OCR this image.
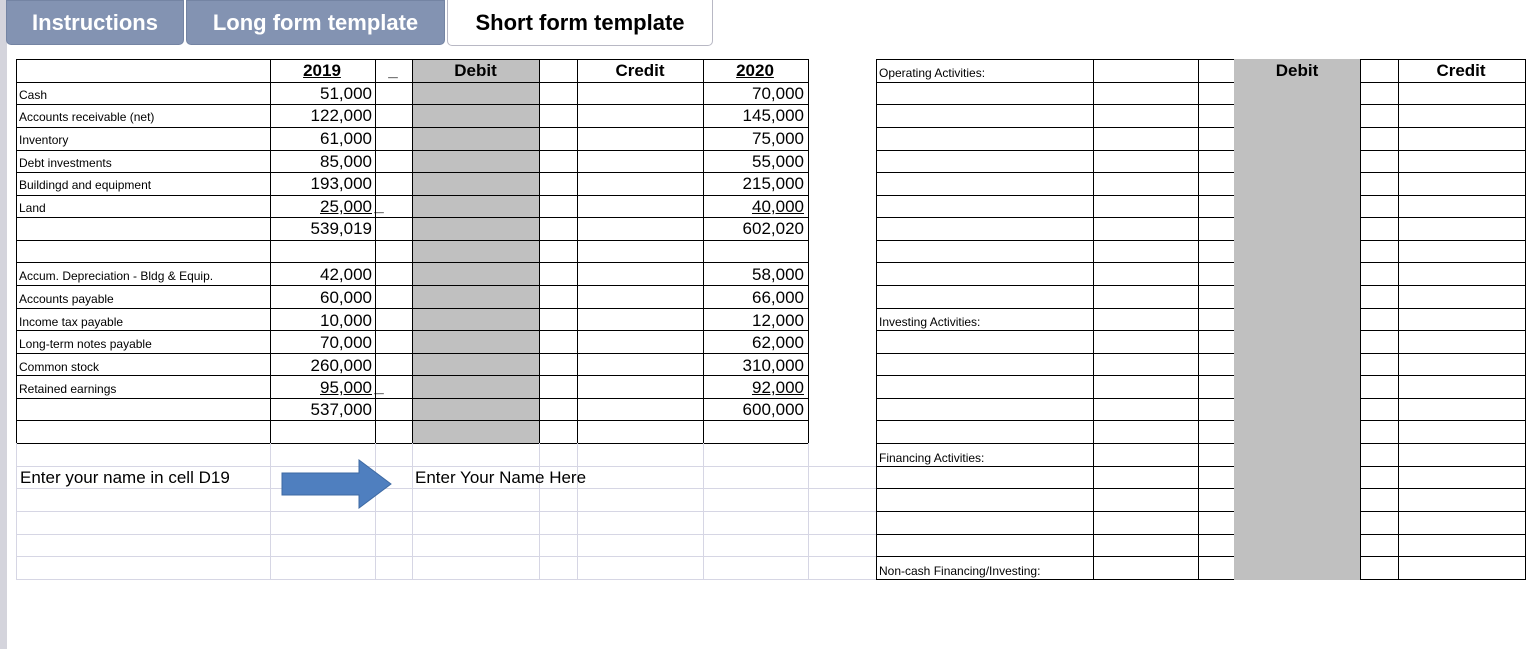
Instructions	Long form template	Short form template
2019	_	Debit	Credit	2020
Cash	51,000	70,000
Accounts receivable (net)	122,000	145,000
Inventory	61,000	75,000
Debt investments	85,000	55,000
Buildingd and equipment	193,000	215,000
Land	25,000	40,000
Accum. Depreciation - Bldg & Equip.	42,000	58,000
Accounts payable	60,000	66,000
Income tax payable	10,000	12,000
Long-term notes payable	70,000	62,000
Common stock	260,000	310,000
Retained earnings	95,000	92,000
539,019	602,020
537,000	600,000
_
_
Enter your name in cell D19	Enter Your Name Here
Debit	Credit
Operating Activities:
Investing Activities:
Financing Activities:
Non-cash Financing/Investing:
